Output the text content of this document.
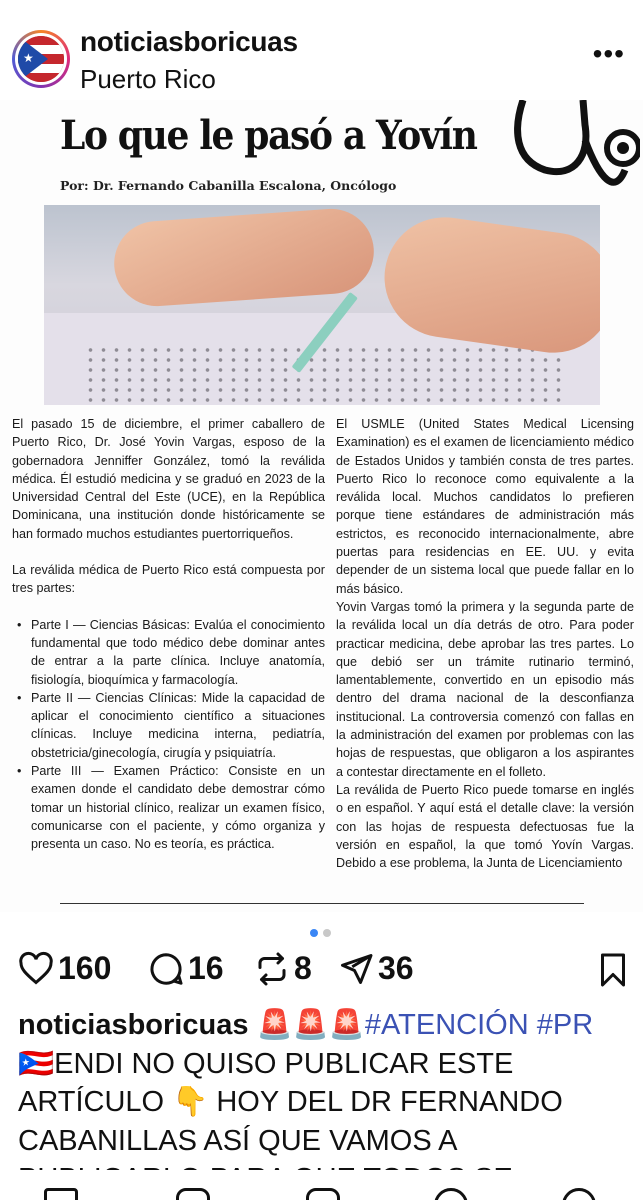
★
noticiasboricuas
Puerto Rico
•••
Lo que le pasó a Yovín
Por: Dr. Fernando Cabanilla Escalona, Oncólogo

El pasado 15 de diciembre, el primer caballero de Puerto Rico, Dr. José Yovin Vargas, esposo de la gobernadora Jenniffer González, tomó la reválida médica. Él estudió medicina y se graduó en 2023 de la Universidad Central del Este (UCE), en la República Dominicana, una institución donde históricamente se han formado muchos estudiantes puertorriqueños.

La reválida médica de Puerto Rico está compuesta por tres partes:

• Parte I — Ciencias Básicas: Evalúa el conocimiento fundamental que todo médico debe dominar antes de entrar a la parte clínica. Incluye anatomía, fisiología, bioquímica y farmacología.
• Parte II — Ciencias Clínicas: Mide la capacidad de aplicar el conocimiento científico a situaciones clínicas. Incluye medicina interna, pediatría, obstetricia/ginecología, cirugía y psiquiatría.
• Parte III — Examen Práctico: Consiste en un examen donde el candidato debe demostrar cómo tomar un historial clínico, realizar un examen físico, comunicarse con el paciente, y cómo organiza y presenta un caso. No es teoría, es práctica.

El USMLE (United States Medical Licensing Examination) es el examen de licenciamiento médico de Estados Unidos y también consta de tres partes. Puerto Rico lo reconoce como equivalente a la reválida local. Muchos candidatos lo prefieren porque tiene estándares de administración más estrictos, es reconocido internacionalmente, abre puertas para residencias en EE. UU. y evita depender de un sistema local que puede fallar en lo más básico.

Yovin Vargas tomó la primera y la segunda parte de la reválida local un día detrás de otro. Para poder practicar medicina, debe aprobar las tres partes. Lo que debió ser un trámite rutinario terminó, lamentablemente, convertido en un episodio más dentro del drama nacional de la desconfianza institucional. La controversia comenzó con fallas en la administración del examen por problemas con las hojas de respuestas, que obligaron a los aspirantes a contestar directamente en el folleto.

La reválida de Puerto Rico puede tomarse en inglés o en español. Y aquí está el detalle clave: la versión con las hojas de respuesta defectuosas fue la versión en español, la que tomó Yovín Vargas. Debido a ese problema, la Junta de Licenciamiento

160 16 8 36
noticiasboricuas 🚨🚨🚨#ATENCIÓN #PR 🇵🇷ENDI NO QUISO PUBLICAR ESTE ARTÍCULO 👇 HOY DEL DR FERNANDO CABANILLAS ASÍ QUE VAMOS A
